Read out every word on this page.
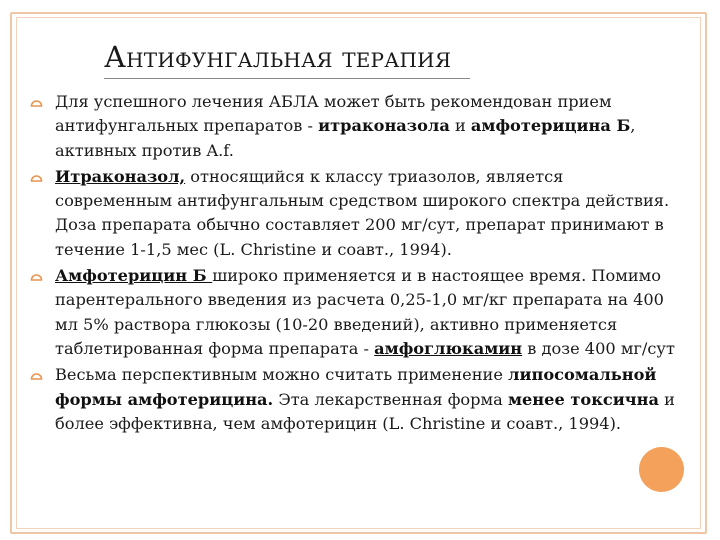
Антифунгальная терапия
Для успешного лечения АБЛА может быть рекомендован прием антифунгальных препаратов - итраконазола и амфотерицина Б, активных против A.f.
Итраконазол, относящийся к классу триазолов, является современным антифунгальным средством широкого спектра действия. Доза препарата обычно составляет 200 мг/сут, препарат принимают в течение 1-1,5 мес (L. Christine и соавт., 1994).
Амфотерицин Б широко применяется и в настоящее время. Помимо парентерального введения из расчета 0,25-1,0 мг/кг препарата на 400 мл 5% раствора глюкозы (10-20 введений), активно применяется таблетированная форма препарата - амфоглюкамин в дозе 400 мг/сут
Весьма перспективным можно считать применение липосомальной формы амфотерицина. Эта лекарственная форма менее токсична и более эффективна, чем амфотерицин (L. Christine и соавт., 1994).
